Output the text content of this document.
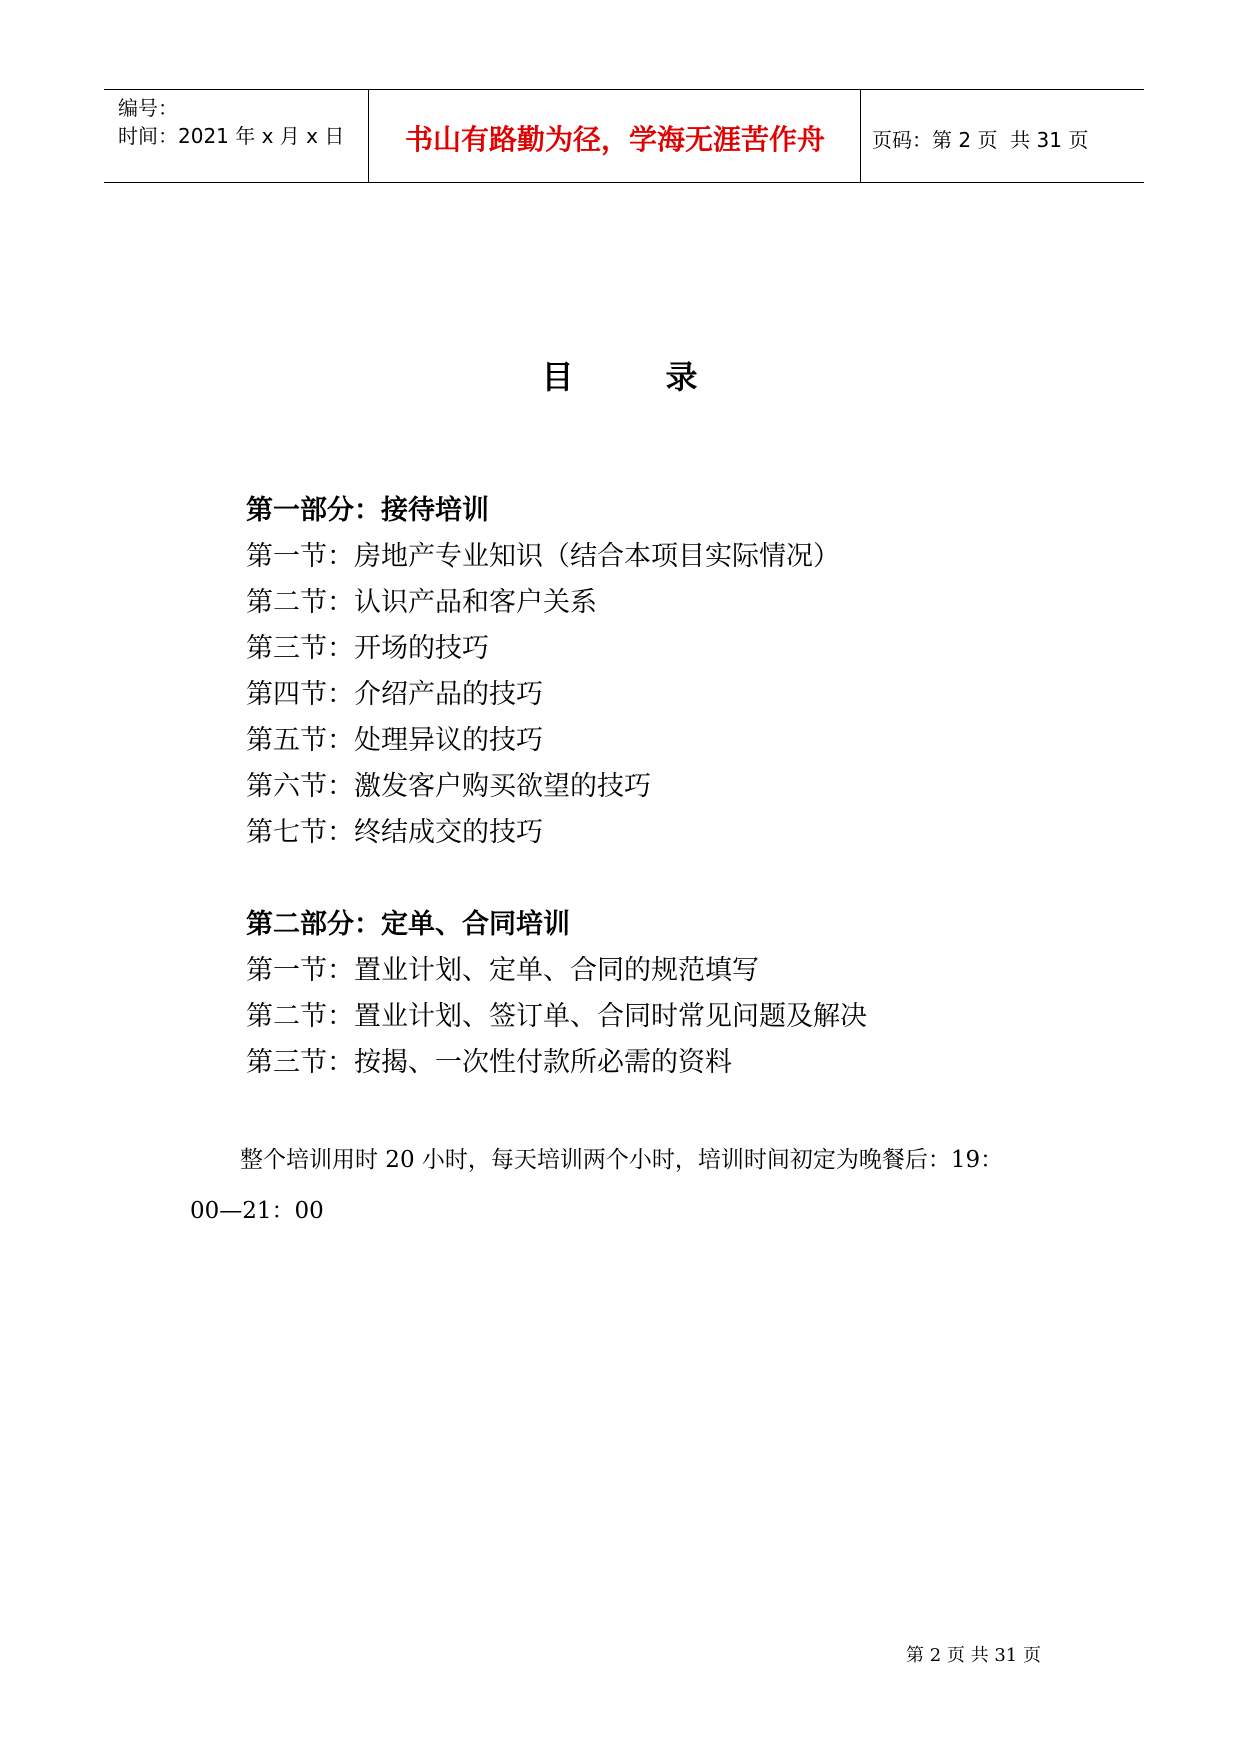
编号：
时间：2021 年 x 月 x 日	书山有路勤为径，学海无涯苦作舟	页码：第 2 页  共 31 页
目	录
第一部分：接待培训
第一节：房地产专业知识（结合本项目实际情况）
第二节：认识产品和客户关系
第三节：开场的技巧
第四节：介绍产品的技巧
第五节：处理异议的技巧
第六节：激发客户购买欲望的技巧
第七节：终结成交的技巧
第二部分：定单、合同培训
第一节：置业计划、定单、合同的规范填写
第二节：置业计划、签订单、合同时常见问题及解决
第三节：按揭、一次性付款所必需的资料
整个培训用时 20 小时，每天培训两个小时，培训时间初定为晚餐后：19：
00—21：00
第 2 页 共 31 页
